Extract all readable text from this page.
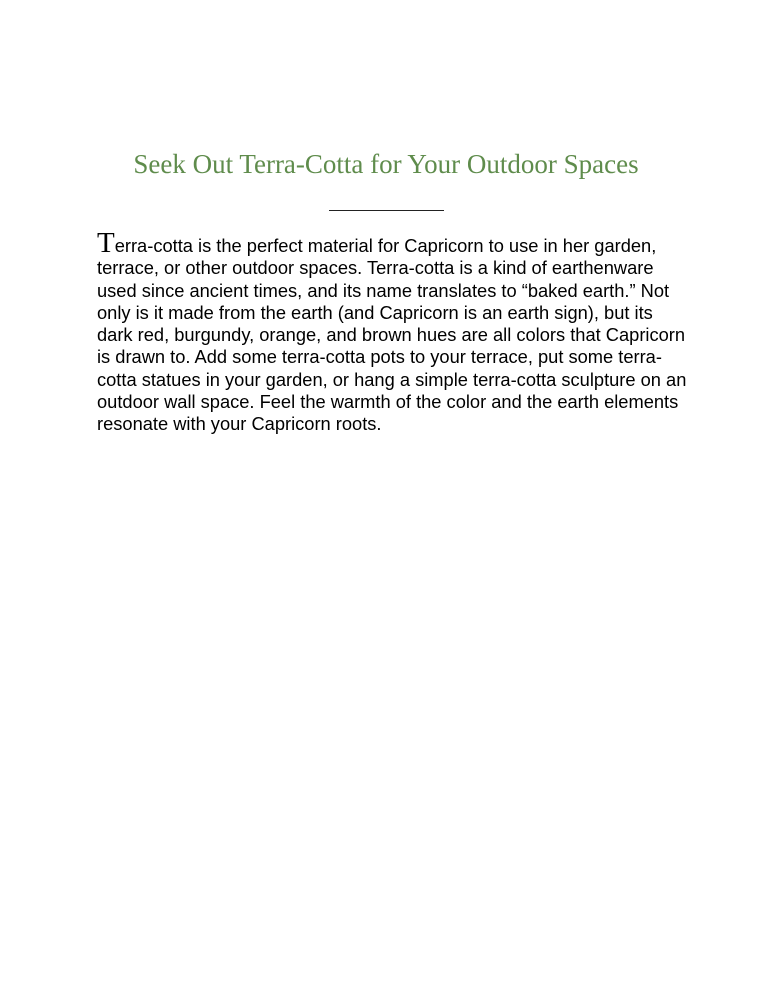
Seek Out Terra-Cotta for Your Outdoor Spaces

Terra-cotta is the perfect material for Capricorn to use in her garden, terrace, or other outdoor spaces. Terra-cotta is a kind of earthenware used since ancient times, and its name translates to “baked earth.” Not only is it made from the earth (and Capricorn is an earth sign), but its dark red, burgundy, orange, and brown hues are all colors that Capricorn is drawn to. Add some terra-cotta pots to your terrace, put some terra-cotta statues in your garden, or hang a simple terra-cotta sculpture on an outdoor wall space. Feel the warmth of the color and the earth elements resonate with your Capricorn roots.
